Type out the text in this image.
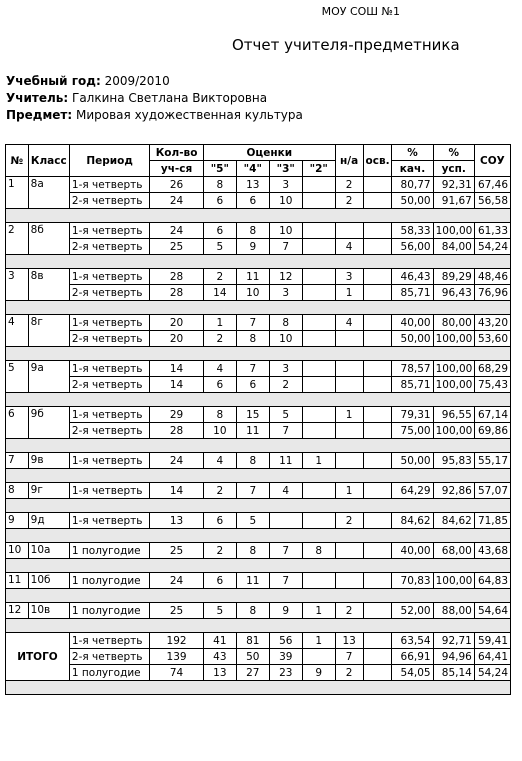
МОУ СОШ №1
Отчет учителя-предметника
Учебный год: 2009/2010
Учитель: Галкина Светлана Викторовна
Предмет: Мировая художественная культура
№	Класс	Период	Кол-во	Оценки				н/а	осв.	%	%	СОУ
			уч-ся	"5"	"4"	"3"	"2"			кач.	усп.	
1	8а	1-я четверть	26	8	13	3		2		80,77	92,31	67,46
		2-я четверть	24	6	6	10		2		50,00	91,67	56,58

2	8б	1-я четверть	24	6	8	10				58,33	100,00	61,33
		2-я четверть	25	5	9	7		4		56,00	84,00	54,24

3	8в	1-я четверть	28	2	11	12		3		46,43	89,29	48,46
		2-я четверть	28	14	10	3		1		85,71	96,43	76,96

4	8г	1-я четверть	20	1	7	8		4		40,00	80,00	43,20
		2-я четверть	20	2	8	10				50,00	100,00	53,60

5	9а	1-я четверть	14	4	7	3				78,57	100,00	68,29
		2-я четверть	14	6	6	2				85,71	100,00	75,43

6	9б	1-я четверть	29	8	15	5		1		79,31	96,55	67,14
		2-я четверть	28	10	11	7				75,00	100,00	69,86

7	9в	1-я четверть	24	4	8	11	1			50,00	95,83	55,17

8	9г	1-я четверть	14	2	7	4		1		64,29	92,86	57,07

9	9д	1-я четверть	13	6	5			2		84,62	84,62	71,85

10	10а	1 полугодие	25	2	8	7	8			40,00	68,00	43,68

11	10б	1 полугодие	24	6	11	7				70,83	100,00	64,83

12	10в	1 полугодие	25	5	8	9	1	2		52,00	88,00	54,64

ИТОГО		1-я четверть	192	41	81	56	1	13		63,54	92,71	59,41
		2-я четверть	139	43	50	39		7		66,91	94,96	64,41
		1 полугодие	74	13	27	23	9	2		54,05	85,14	54,24
